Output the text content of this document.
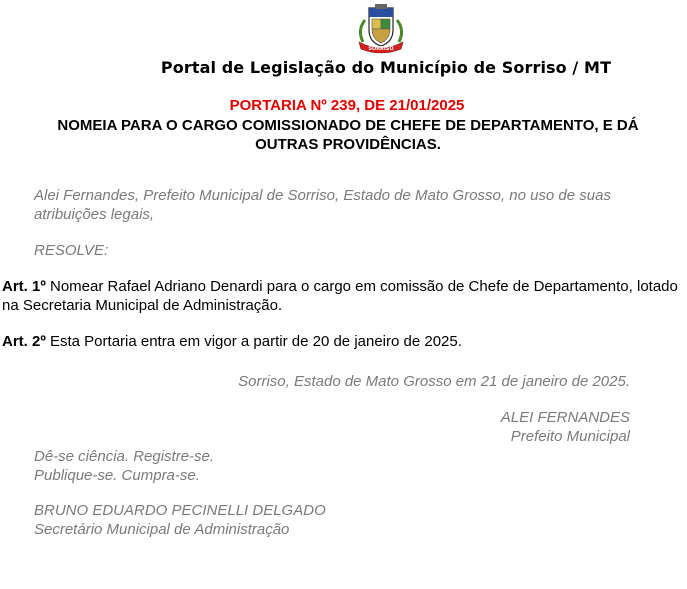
SORRISO
Portal de Legislação do Município de Sorriso / MT
PORTARIA Nº 239, DE 21/01/2025
NOMEIA PARA O CARGO COMISSIONADO DE CHEFE DE DEPARTAMENTO, E DÁ OUTRAS PROVIDÊNCIAS.
Alei Fernandes, Prefeito Municipal de Sorriso, Estado de Mato Grosso, no uso de suas atribuições legais,
RESOLVE:
Art. 1º Nomear Rafael Adriano Denardi para o cargo em comissão de Chefe de Departamento, lotado na Secretaria Municipal de Administração.
Art. 2º Esta Portaria entra em vigor a partir de 20 de janeiro de 2025.
Sorriso, Estado de Mato Grosso em 21 de janeiro de 2025.
ALEI FERNANDES
Prefeito Municipal
Dê-se ciência. Registre-se.
Publique-se. Cumpra-se.
BRUNO EDUARDO PECINELLI DELGADO
Secretário Municipal de Administração
